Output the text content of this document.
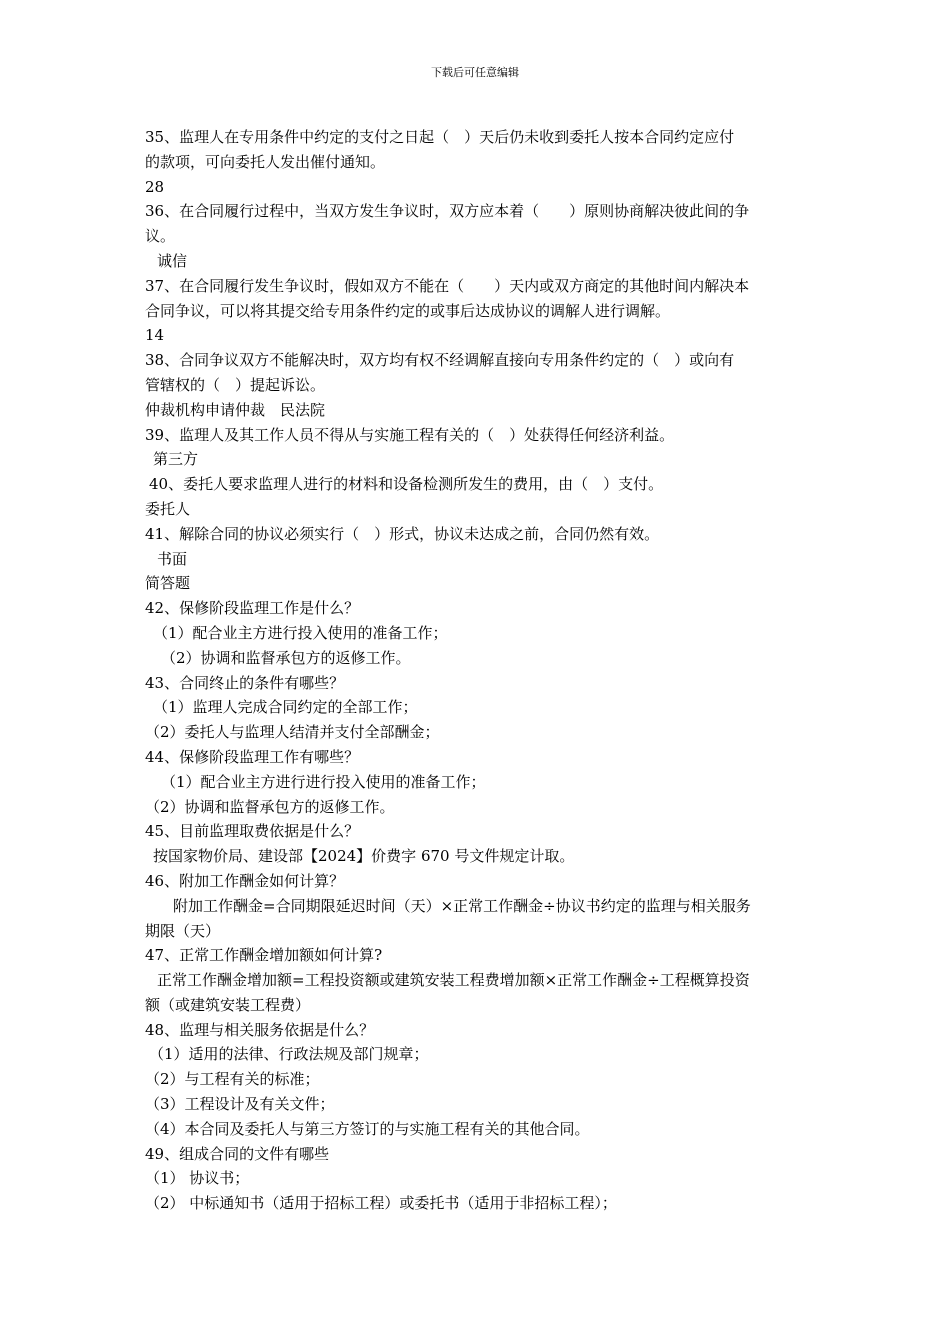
下载后可任意编辑
35、监理人在专用条件中约定的支付之日起（　）天后仍未收到委托人按本合同约定应付
的款项，可向委托人发出催付通知。
28
36、在合同履行过程中，当双方发生争议时，双方应本着（　　）原则协商解决彼此间的争
议。
诚信
37、在合同履行发生争议时，假如双方不能在（　　）天内或双方商定的其他时间内解决本
合同争议，可以将其提交给专用条件约定的或事后达成协议的调解人进行调解。
14
38、合同争议双方不能解决时，双方均有权不经调解直接向专用条件约定的（　）或向有
管辖权的（　）提起诉讼。
仲裁机构申请仲裁　民法院
39、监理人及其工作人员不得从与实施工程有关的（　）处获得任何经济利益。
第三方
40、委托人要求监理人进行的材料和设备检测所发生的费用，由（　）支付。
委托人
41、解除合同的协议必须实行（　）形式，协议未达成之前，合同仍然有效。
书面
简答题
42、保修阶段监理工作是什么？
（1）配合业主方进行投入使用的准备工作；
（2）协调和监督承包方的返修工作。
43、合同终止的条件有哪些？
（1）监理人完成合同约定的全部工作；
（2）委托人与监理人结清并支付全部酬金；
44、保修阶段监理工作有哪些？
（1）配合业主方进行进行投入使用的准备工作；
（2）协调和监督承包方的返修工作。
45、目前监理取费依据是什么？
按国家物价局、建设部【2024】价费字 670 号文件规定计取。
46、附加工作酬金如何计算？
附加工作酬金=合同期限延迟时间（天）×正常工作酬金÷协议书约定的监理与相关服务
期限（天）
47、正常工作酬金增加额如何计算?
正常工作酬金增加额=工程投资额或建筑安装工程费增加额×正常工作酬金÷工程概算投资
额（或建筑安装工程费）
48、监理与相关服务依据是什么？
（1）适用的法律、行政法规及部门规章；
（2）与工程有关的标准；
（3）工程设计及有关文件；
（4）本合同及委托人与第三方签订的与实施工程有关的其他合同。
49、组成合同的文件有哪些
（1） 协议书；
（2） 中标通知书（适用于招标工程）或委托书（适用于非招标工程）；
